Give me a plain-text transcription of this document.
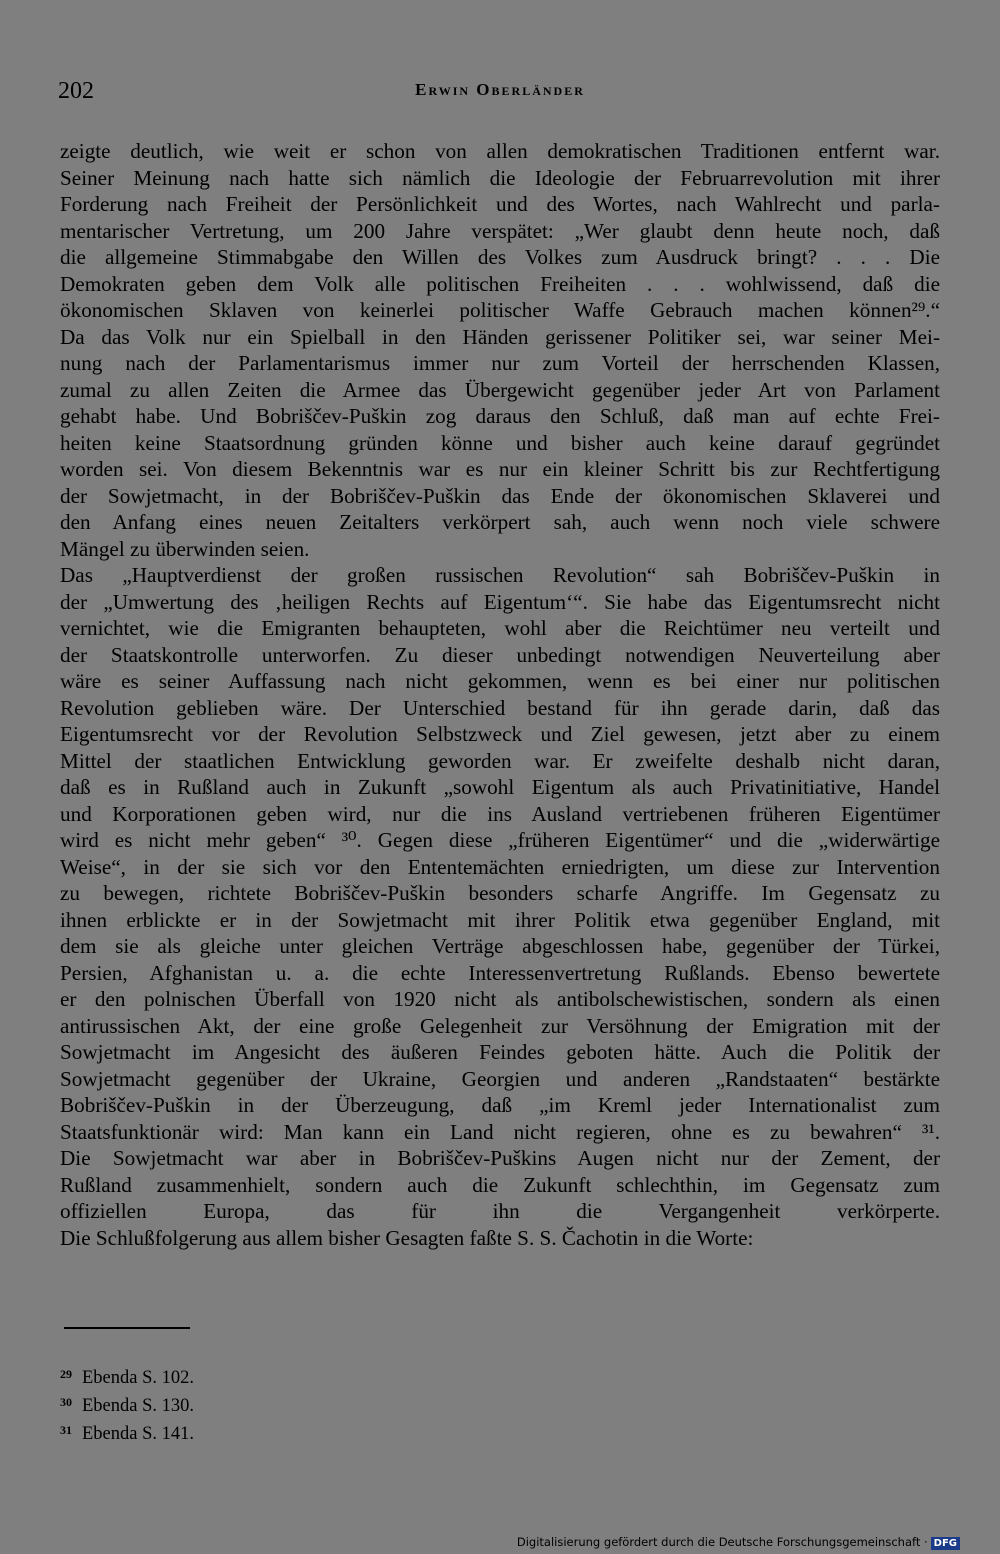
202	Erwin Oberländer
zeigte deutlich, wie weit er schon von allen demokratischen Traditionen entfernt war.
Seiner Meinung nach hatte sich nämlich die Ideologie der Februarrevolution mit ihrer
Forderung nach Freiheit der Persönlichkeit und des Wortes, nach Wahlrecht und parla-
mentarischer Vertretung, um 200 Jahre verspätet: „Wer glaubt denn heute noch, daß
die allgemeine Stimmabgabe den Willen des Volkes zum Ausdruck bringt? . . . Die
Demokraten geben dem Volk alle politischen Freiheiten . . . wohlwissend, daß die
ökonomischen Sklaven von keinerlei politischer Waffe Gebrauch machen können²⁹.“
Da das Volk nur ein Spielball in den Händen gerissener Politiker sei, war seiner Mei-
nung nach der Parlamentarismus immer nur zum Vorteil der herrschenden Klassen,
zumal zu allen Zeiten die Armee das Übergewicht gegenüber jeder Art von Parlament
gehabt habe. Und Bobriščev-Puškin zog daraus den Schluß, daß man auf echte Frei-
heiten keine Staatsordnung gründen könne und bisher auch keine darauf gegründet
worden sei. Von diesem Bekenntnis war es nur ein kleiner Schritt bis zur Rechtfertigung
der Sowjetmacht, in der Bobriščev-Puškin das Ende der ökonomischen Sklaverei und
den Anfang eines neuen Zeitalters verkörpert sah, auch wenn noch viele schwere
Mängel zu überwinden seien.
Das „Hauptverdienst der großen russischen Revolution“ sah Bobriščev-Puškin in
der „Umwertung des ‚heiligen Rechts auf Eigentum‘“. Sie habe das Eigentumsrecht nicht
vernichtet, wie die Emigranten behaupteten, wohl aber die Reichtümer neu verteilt und
der Staatskontrolle unterworfen. Zu dieser unbedingt notwendigen Neuverteilung aber
wäre es seiner Auffassung nach nicht gekommen, wenn es bei einer nur politischen
Revolution geblieben wäre. Der Unterschied bestand für ihn gerade darin, daß das
Eigentumsrecht vor der Revolution Selbstzweck und Ziel gewesen, jetzt aber zu einem
Mittel der staatlichen Entwicklung geworden war. Er zweifelte deshalb nicht daran,
daß es in Rußland auch in Zukunft „sowohl Eigentum als auch Privatinitiative, Handel
und Korporationen geben wird, nur die ins Ausland vertriebenen früheren Eigentümer
wird es nicht mehr geben“ ³⁰. Gegen diese „früheren Eigentümer“ und die „widerwärtige
Weise“, in der sie sich vor den Ententemächten erniedrigten, um diese zur Intervention
zu bewegen, richtete Bobriščev-Puškin besonders scharfe Angriffe. Im Gegensatz zu
ihnen erblickte er in der Sowjetmacht mit ihrer Politik etwa gegenüber England, mit
dem sie als gleiche unter gleichen Verträge abgeschlossen habe, gegenüber der Türkei,
Persien, Afghanistan u. a. die echte Interessenvertretung Rußlands. Ebenso bewertete
er den polnischen Überfall von 1920 nicht als antibolschewistischen, sondern als einen
antirussischen Akt, der eine große Gelegenheit zur Versöhnung der Emigration mit der
Sowjetmacht im Angesicht des äußeren Feindes geboten hätte. Auch die Politik der
Sowjetmacht gegenüber der Ukraine, Georgien und anderen „Randstaaten“ bestärkte
Bobriščev-Puškin in der Überzeugung, daß „im Kreml jeder Internationalist zum
Staatsfunktionär wird: Man kann ein Land nicht regieren, ohne es zu bewahren“ ³¹.
Die Sowjetmacht war aber in Bobriščev-Puškins Augen nicht nur der Zement, der
Rußland zusammenhielt, sondern auch die Zukunft schlechthin, im Gegensatz zum
offiziellen Europa, das für ihn die Vergangenheit verkörperte.
Die Schlußfolgerung aus allem bisher Gesagten faßte S. S. Čachotin in die Worte:
29 Ebenda S. 102.
30 Ebenda S. 130.
31 Ebenda S. 141.
Digitalisierung gefördert durch die Deutsche Forschungsgemeinschaft · DFG
